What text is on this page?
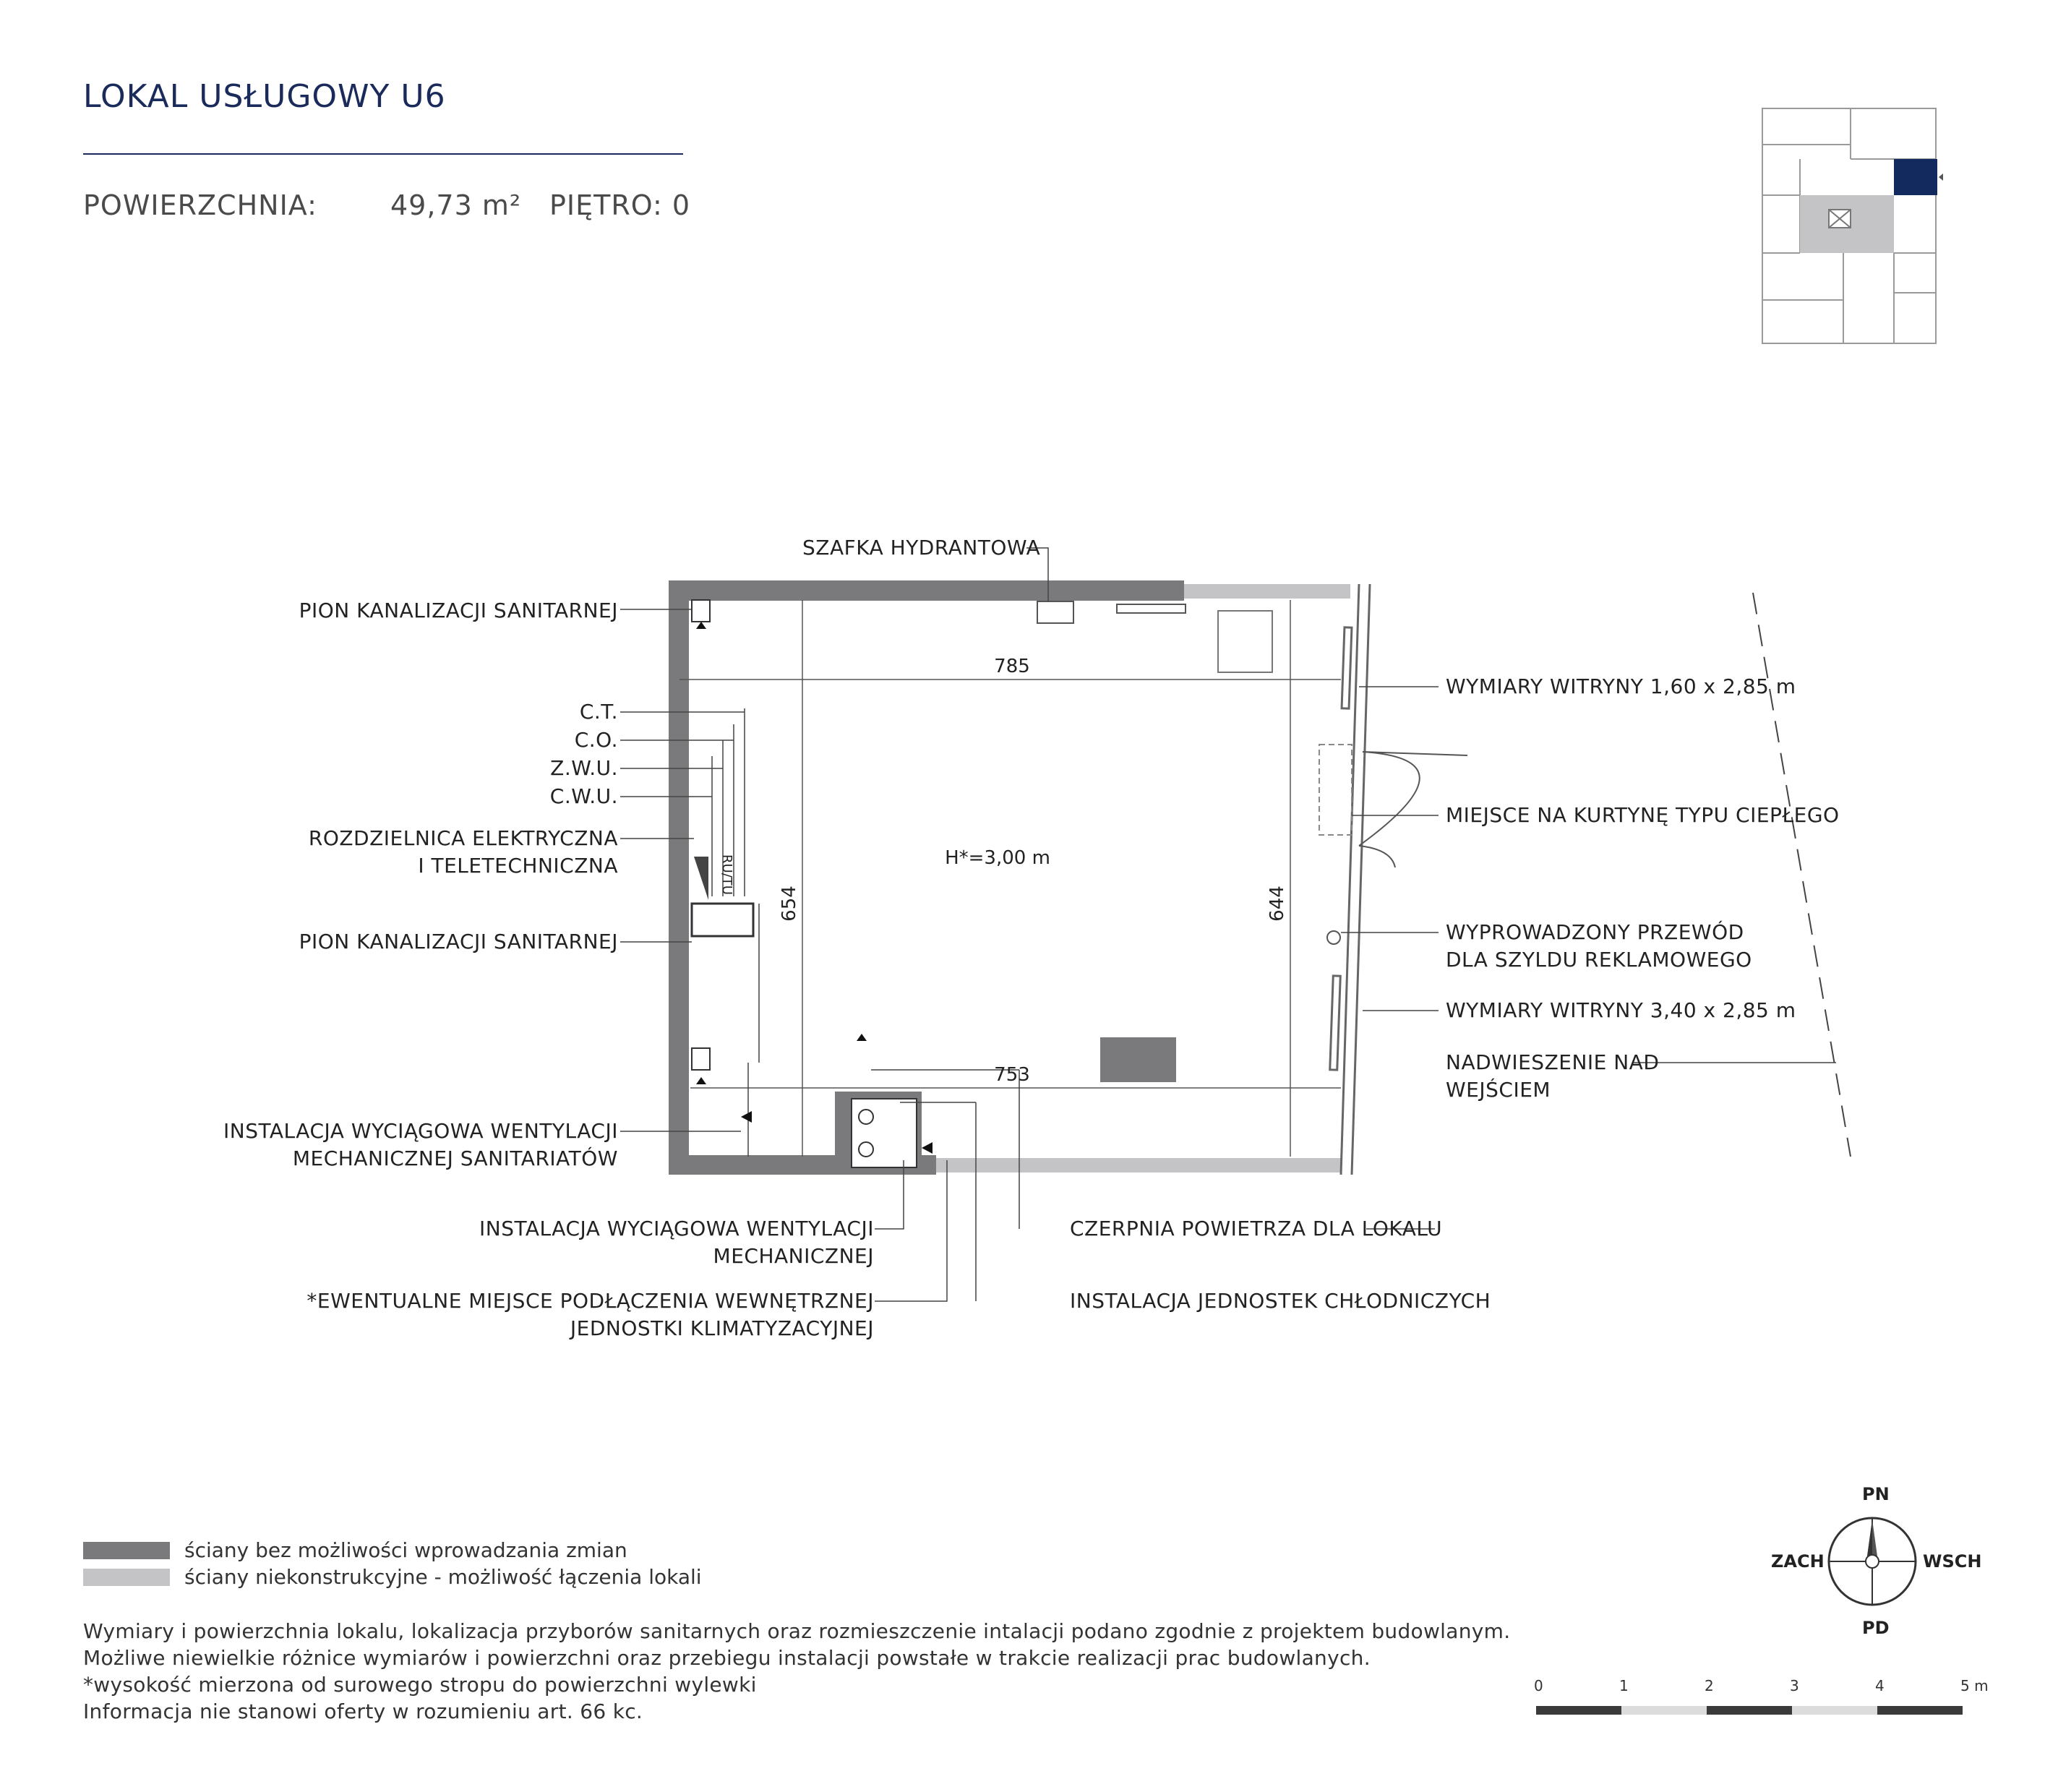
LOKAL USŁUGOWY U6
POWIERZCHNIA:	49,73 m² PIĘTRO: 0
785
753
654	644
H*=3,00 m
RU/TU
PION KANALIZACJI SANITARNEJ
C.T.
C.O.
Z.W.U.
C.W.U.
ROZDZIELNICA ELEKTRYCZNA
I TELETECHNICZNA
PION KANALIZACJI SANITARNEJ
INSTALACJA WYCIĄGOWA WENTYLACJI
MECHANICZNEJ SANITARIATÓW
INSTALACJA WYCIĄGOWA WENTYLACJI
MECHANICZNEJ
*EWENTUALNE MIEJSCE PODŁĄCZENIA WEWNĘTRZNEJ
JEDNOSTKI KLIMATYZACYJNEJ
WYMIARY WITRYNY 1,60 x 2,85 m
MIEJSCE NA KURTYNĘ TYPU CIEPŁEGO
WYPROWADZONY PRZEWÓD
DLA SZYLDU REKLAMOWEGO
WYMIARY WITRYNY 3,40 x 2,85 m
NADWIESZENIE NAD
WEJŚCIEM
CZERPNIA POWIETRZA DLA LOKALU
INSTALACJA JEDNOSTEK CHŁODNICZYCH
SZAFKA HYDRANTOWA
ściany bez możliwości wprowadzania zmian
ściany niekonstrukcyjne - możliwość łączenia lokali
Wymiary i powierzchnia lokalu, lokalizacja przyborów sanitarnych oraz rozmieszczenie intalacji podano zgodnie z projektem budowlanym.
Możliwe niewielkie różnice wymiarów i powierzchni oraz przebiegu instalacji powstałe w trakcie realizacji prac budowlanych.
*wysokość mierzona od surowego stropu do powierzchni wylewki
Informacja nie stanowi oferty w rozumieniu art. 66 kc.
PN
PD
ZACH	WSCH
0	1	2	3	4	5 m
